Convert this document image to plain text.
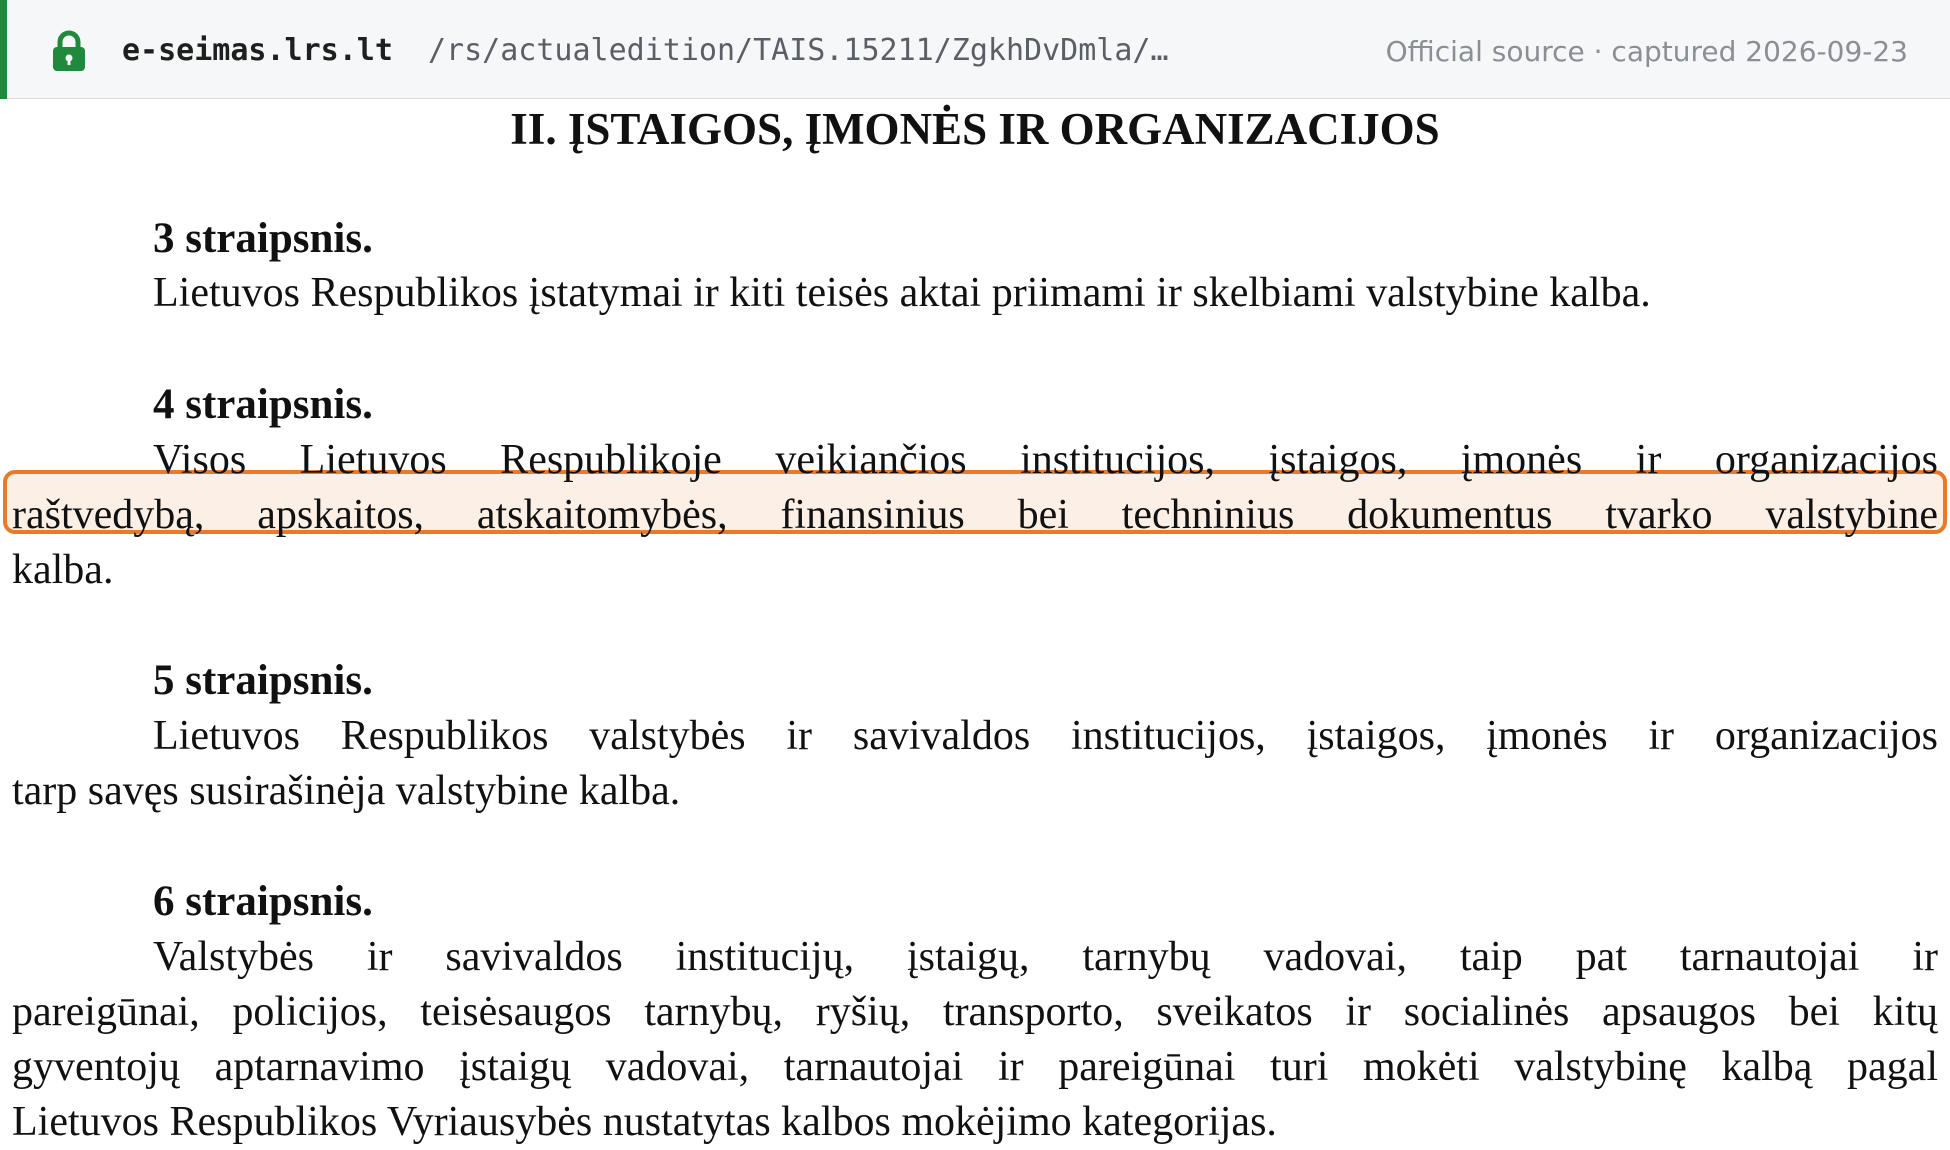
e-seimas.lrs.lt /rs/actualedition/TAIS.15211/ZgkhDvDmla/…	Official source · captured 2026-09-23
II. ĮSTAIGOS, ĮMONĖS IR ORGANIZACIJOS
3 straipsnis.
Lietuvos Respublikos įstatymai ir kiti teisės aktai priimami ir skelbiami valstybine kalba.
4 straipsnis.
Visos Lietuvos Respublikoje veikiančios institucijos, įstaigos, įmonės ir organizacijos
raštvedybą, apskaitos, atskaitomybės, finansinius bei techninius dokumentus tvarko valstybine
kalba.
5 straipsnis.
Lietuvos Respublikos valstybės ir savivaldos institucijos, įstaigos, įmonės ir organizacijos
tarp savęs susirašinėja valstybine kalba.
6 straipsnis.
Valstybės ir savivaldos institucijų, įstaigų, tarnybų vadovai, taip pat tarnautojai ir
pareigūnai, policijos, teisėsaugos tarnybų, ryšių, transporto, sveikatos ir socialinės apsaugos bei kitų
gyventojų aptarnavimo įstaigų vadovai, tarnautojai ir pareigūnai turi mokėti valstybinę kalbą pagal
Lietuvos Respublikos Vyriausybės nustatytas kalbos mokėjimo kategorijas.
